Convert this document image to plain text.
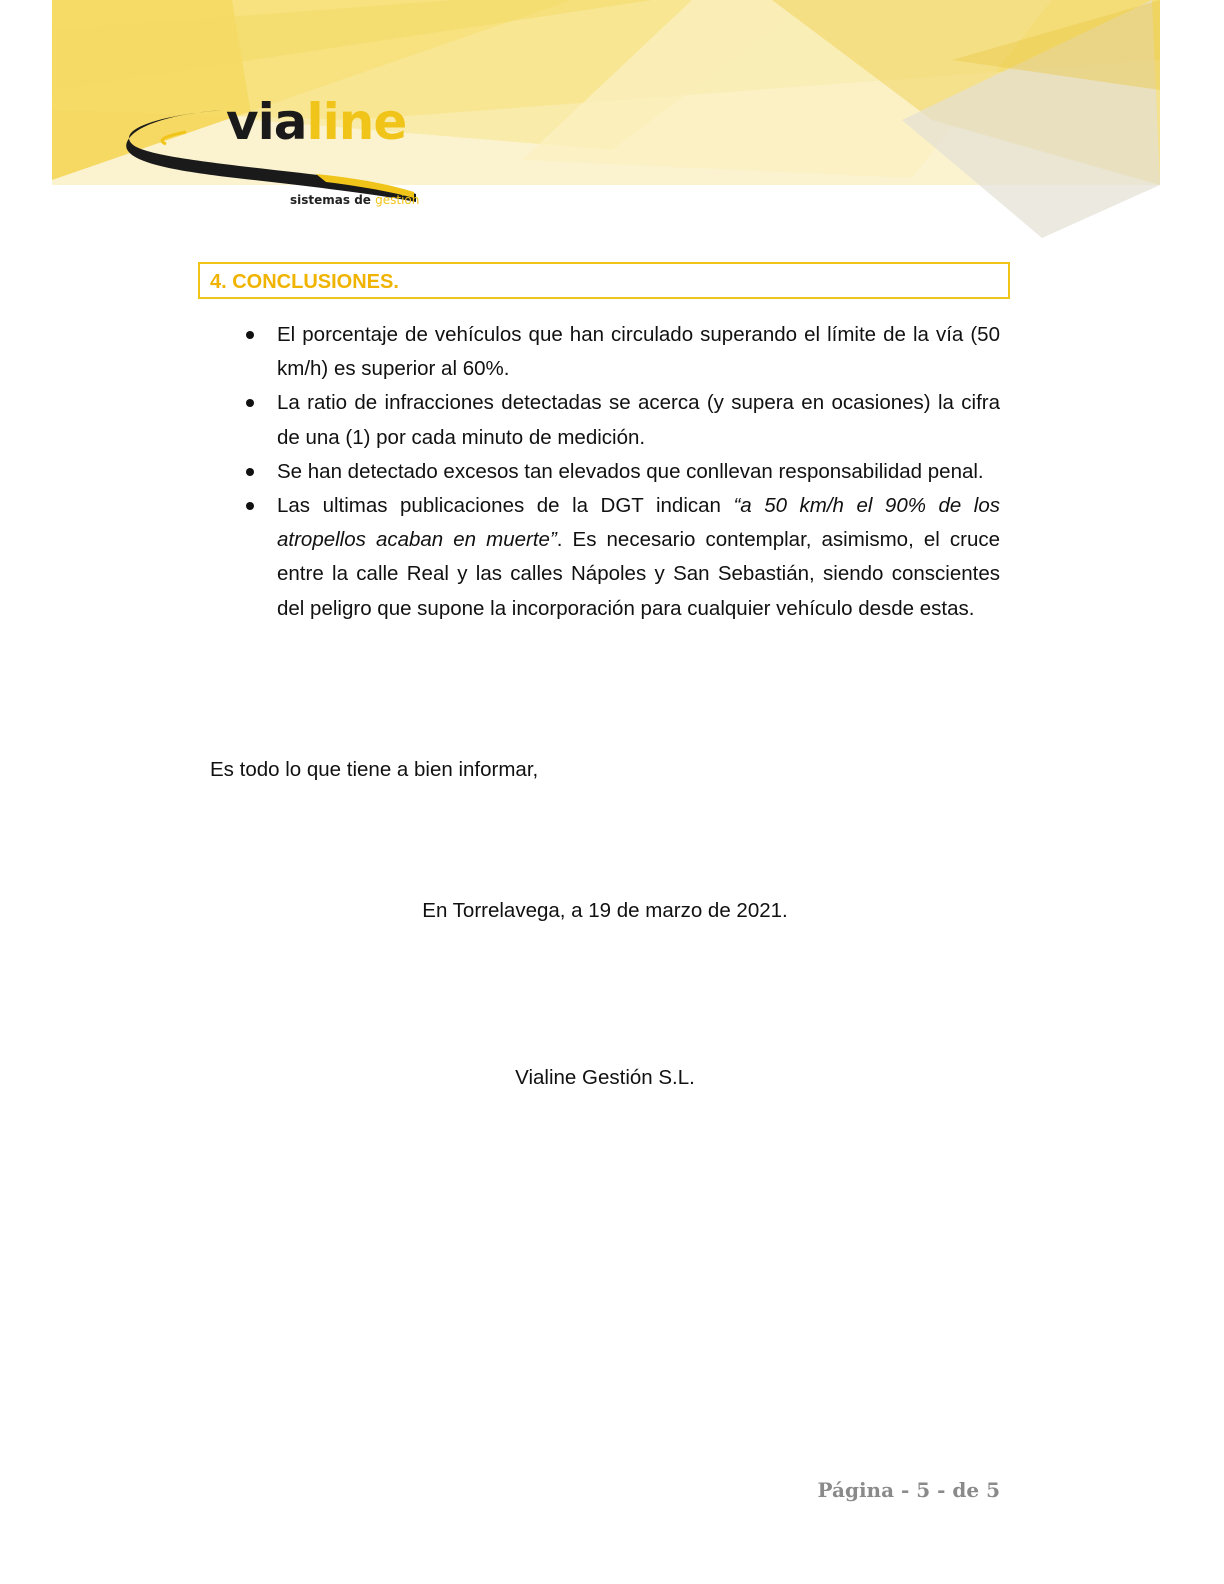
vialine
sistemas de gestión
4. CONCLUSIONES.
El porcentaje de vehículos que han circulado superando el límite de la vía (50 km/h) es superior al 60%.
La ratio de infracciones detectadas se acerca (y supera en ocasiones) la cifra de una (1) por cada minuto de medición.
Se han detectado excesos tan elevados que conllevan responsabilidad penal.
Las ultimas publicaciones de la DGT indican “a 50 km/h el 90% de los atropellos acaban en muerte”. Es necesario contemplar, asimismo, el cruce entre la calle Real y las calles Nápoles y San Sebastián, siendo conscientes del peligro que supone la incorporación para cualquier vehículo desde estas.
Es todo lo que tiene a bien informar,
En Torrelavega, a 19 de marzo de 2021.
Vialine Gestión S.L.
Página - 5 - de 5
